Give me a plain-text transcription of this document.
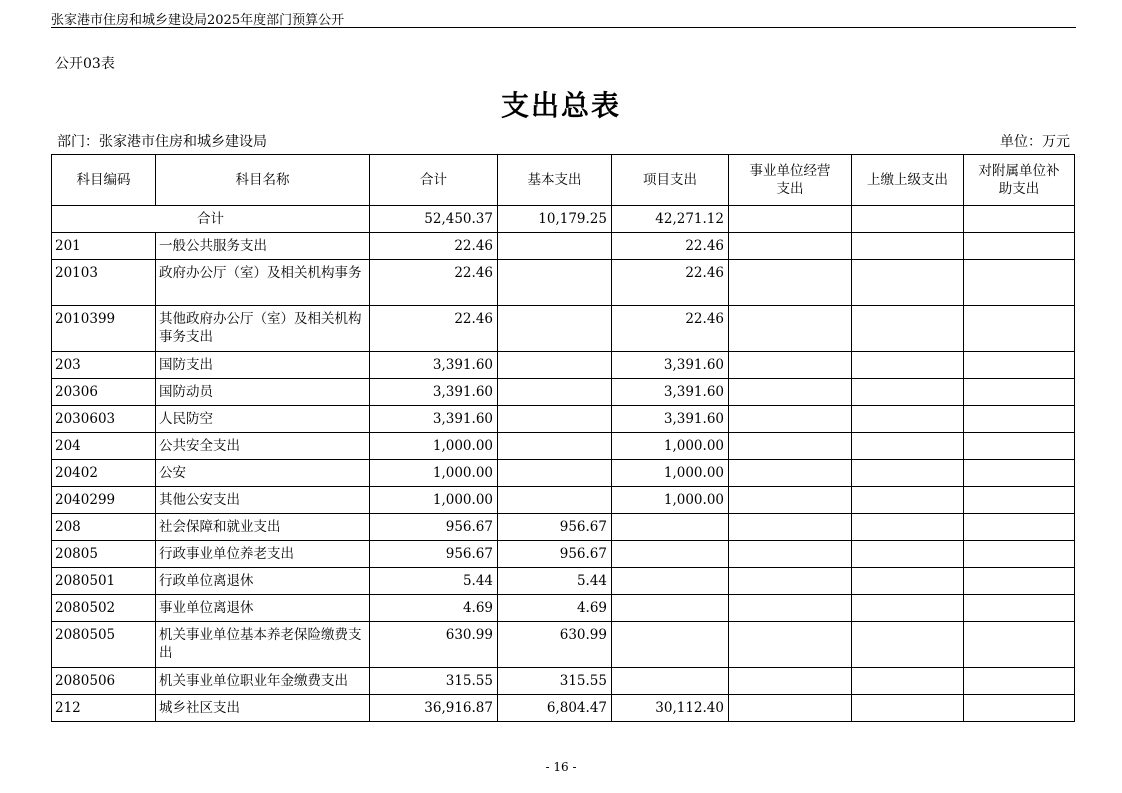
张家港市住房和城乡建设局2025年度部门预算公开
公开03表
支出总表
部门：张家港市住房和城乡建设局	单位：万元
科目编码	科目名称	合计	基本支出	项目支出	事业单位经营支出	上缴上级支出	对附属单位补助支出
合计		52,450.37	10,179.25	42,271.12			
201	一般公共服务支出	22.46		22.46			
20103	政府办公厅（室）及相关机构事务	22.46		22.46			
2010399	其他政府办公厅（室）及相关机构事务支出	22.46		22.46			
203	国防支出	3,391.60		3,391.60			
20306	国防动员	3,391.60		3,391.60			
2030603	人民防空	3,391.60		3,391.60			
204	公共安全支出	1,000.00		1,000.00			
20402	公安	1,000.00		1,000.00			
2040299	其他公安支出	1,000.00		1,000.00			
208	社会保障和就业支出	956.67	956.67				
20805	行政事业单位养老支出	956.67	956.67				
2080501	行政单位离退休	5.44	5.44				
2080502	事业单位离退休	4.69	4.69				
2080505	机关事业单位基本养老保险缴费支出	630.99	630.99				
2080506	机关事业单位职业年金缴费支出	315.55	315.55				
212	城乡社区支出	36,916.87	6,804.47	30,112.40			
- 16 -
